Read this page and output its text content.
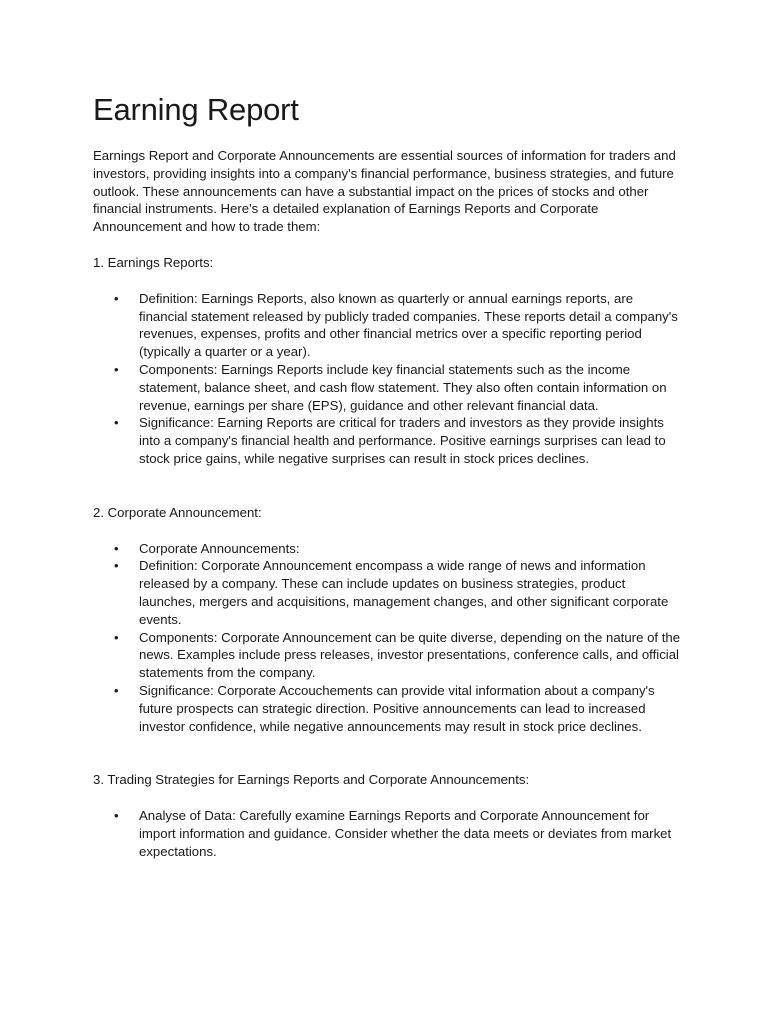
Earning Report

Earnings Report and Corporate Announcements are essential sources of information for traders and investors, providing insights into a company's financial performance, business strategies, and future outlook. These announcements can have a substantial impact on the prices of stocks and other financial instruments. Here's a detailed explanation of Earnings Reports and Corporate Announcement and how to trade them:

1. Earnings Reports:

• Definition: Earnings Reports, also known as quarterly or annual earnings reports, are financial statement released by publicly traded companies. These reports detail a company's revenues, expenses, profits and other financial metrics over a specific reporting period (typically a quarter or a year).
• Components: Earnings Reports include key financial statements such as the income statement, balance sheet, and cash flow statement. They also often contain information on revenue, earnings per share (EPS), guidance and other relevant financial data.
• Significance: Earning Reports are critical for traders and investors as they provide insights into a company's financial health and performance. Positive earnings surprises can lead to stock price gains, while negative surprises can result in stock prices declines.

2. Corporate Announcement:

• Corporate Announcements:
• Definition: Corporate Announcement encompass a wide range of news and information released by a company. These can include updates on business strategies, product launches, mergers and acquisitions, management changes, and other significant corporate events.
• Components: Corporate Announcement can be quite diverse, depending on the nature of the news. Examples include press releases, investor presentations, conference calls, and official statements from the company.
• Significance: Corporate Accouchements can provide vital information about a company's future prospects can strategic direction. Positive announcements can lead to increased investor confidence, while negative announcements may result in stock price declines.

3. Trading Strategies for Earnings Reports and Corporate Announcements:

• Analyse of Data: Carefully examine Earnings Reports and Corporate Announcement for import information and guidance. Consider whether the data meets or deviates from market expectations.
